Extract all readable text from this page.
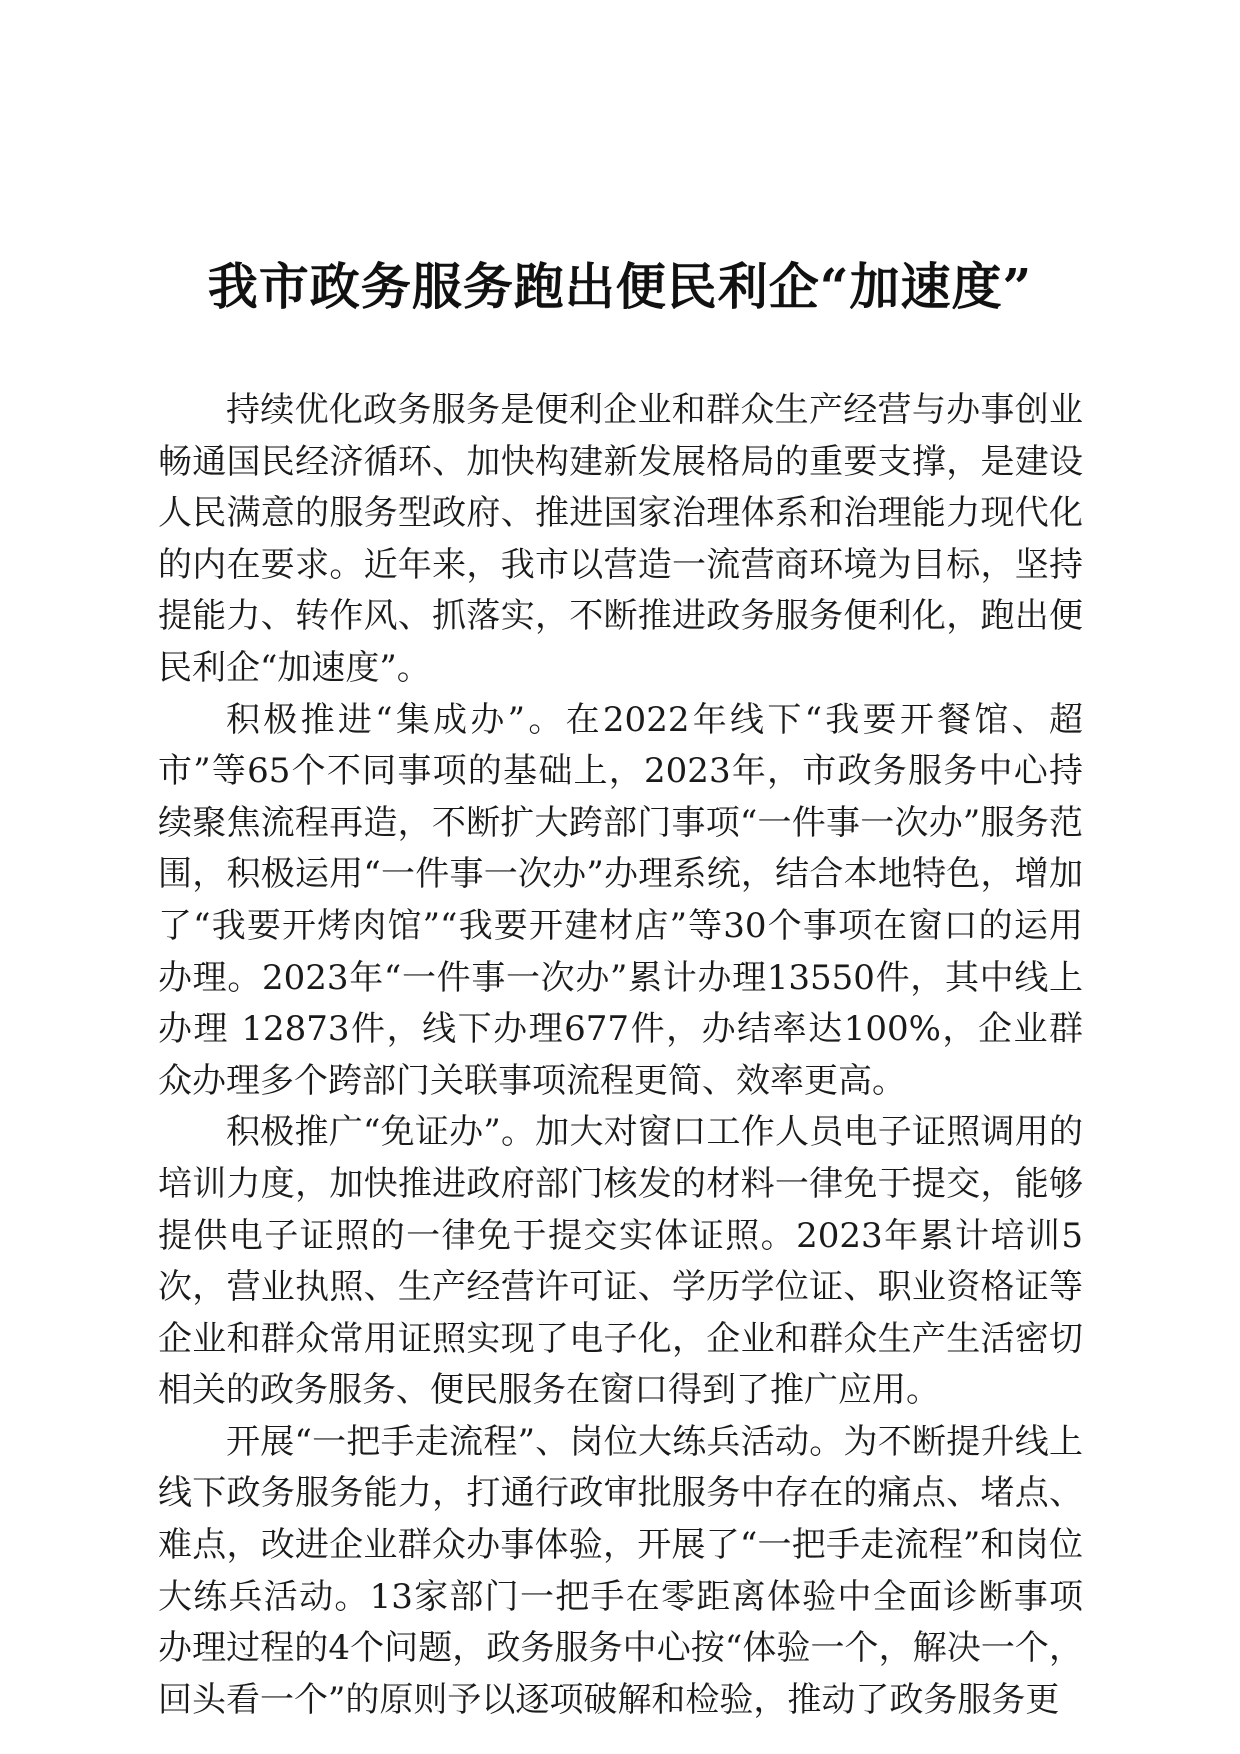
我市政务服务跑出便民利企“加速度”

持续优化政务服务是便利企业和群众生产经营与办事创业畅通国民经济循环、加快构建新发展格局的重要支撑，是建设人民满意的服务型政府、推进国家治理体系和治理能力现代化的内在要求。近年来，我市以营造一流营商环境为目标，坚持提能力、转作风、抓落实，不断推进政务服务便利化，跑出便民利企“加速度”。

积极推进“集成办”。在2022年线下“我要开餐馆、超市”等65个不同事项的基础上，2023年，市政务服务中心持续聚焦流程再造，不断扩大跨部门事项“一件事一次办”服务范围，积极运用“一件事一次办”办理系统，结合本地特色，增加了“我要开烤肉馆”“我要开建材店”等30个事项在窗口的运用办理。2023年“一件事一次办”累计办理13550件，其中线上办理 12873件，线下办理677件，办结率达100%，企业群众办理多个跨部门关联事项流程更简、效率更高。

积极推广“免证办”。加大对窗口工作人员电子证照调用的培训力度，加快推进政府部门核发的材料一律免于提交，能够提供电子证照的一律免于提交实体证照。2023年累计培训5次，营业执照、生产经营许可证、学历学位证、职业资格证等企业和群众常用证照实现了电子化，企业和群众生产生活密切相关的政务服务、便民服务在窗口得到了推广应用。

开展“一把手走流程”、岗位大练兵活动。为不断提升线上线下政务服务能力，打通行政审批服务中存在的痛点、堵点、难点，改进企业群众办事体验，开展了“一把手走流程”和岗位大练兵活动。13家部门一把手在零距离体验中全面诊断事项办理过程的4个问题，政务服务中心按“体验一个，解决一个，回头看一个”的原则予以逐项破解和检验，推动了政务服务更
